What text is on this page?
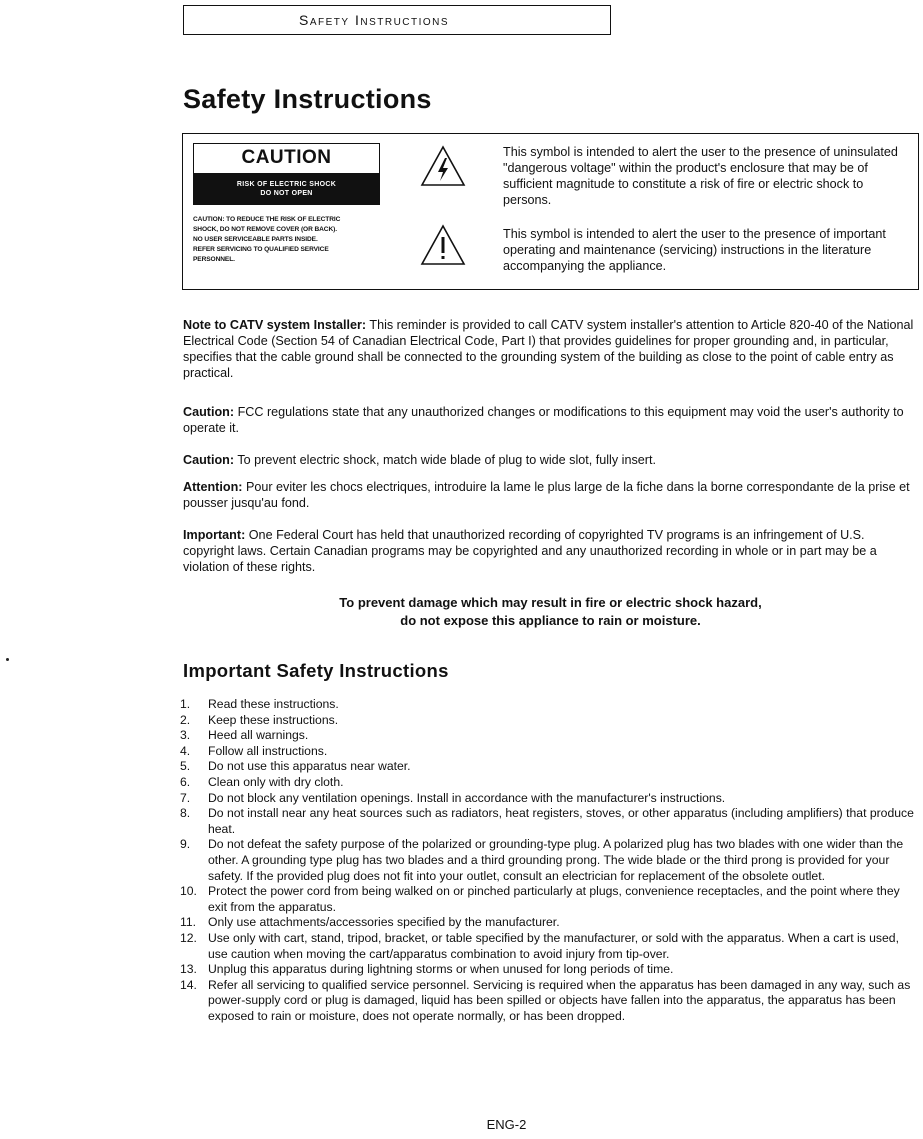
Safety Instructions
Safety Instructions
CAUTION
RISK OF ELECTRIC SHOCK
DO NOT OPEN
CAUTION: TO REDUCE THE RISK OF ELECTRIC
SHOCK, DO NOT REMOVE COVER (OR BACK).
NO USER SERVICEABLE PARTS INSIDE.
REFER SERVICING TO QUALIFIED SERVICE
PERSONNEL.
This symbol is intended to alert the user to the presence of uninsulated "dangerous voltage" within the product's enclosure that may be of sufficient magnitude to constitute a risk of fire or electric shock to persons.
This symbol is intended to alert the user to the presence of important operating and maintenance (servicing) instructions in the literature accompanying the appliance.
Note to CATV system Installer: This reminder is provided to call CATV system installer's attention to Article 820-40 of the National Electrical Code (Section 54 of Canadian Electrical Code, Part I) that provides guidelines for proper grounding and, in particular, specifies that the cable ground shall be connected to the grounding system of the building as close to the point of cable entry as practical.
Caution: FCC regulations state that any unauthorized changes or modifications to this equipment may void the user's authority to operate it.
Caution: To prevent electric shock, match wide blade of plug to wide slot, fully insert.
Attention: Pour eviter les chocs electriques, introduire la lame le plus large de la fiche dans la borne correspondante de la prise et pousser jusqu'au fond.
Important: One Federal Court has held that unauthorized recording of copyrighted TV programs is an infringement of U.S. copyright laws. Certain Canadian programs may be copyrighted and any unauthorized recording in whole or in part may be a violation of these rights.
To prevent damage which may result in fire or electric shock hazard,
do not expose this appliance to rain or moisture.
Important Safety Instructions
1. Read these instructions.
2. Keep these instructions.
3. Heed all warnings.
4. Follow all instructions.
5. Do not use this apparatus near water.
6. Clean only with dry cloth.
7. Do not block any ventilation openings. Install in accordance with the manufacturer's instructions.
8. Do not install near any heat sources such as radiators, heat registers, stoves, or other apparatus (including amplifiers) that produce heat.
9. Do not defeat the safety purpose of the polarized or grounding-type plug. A polarized plug has two blades with one wider than the other. A grounding type plug has two blades and a third grounding prong. The wide blade or the third prong is provided for your safety. If the provided plug does not fit into your outlet, consult an electrician for replacement of the obsolete outlet.
10. Protect the power cord from being walked on or pinched particularly at plugs, convenience receptacles, and the point where they exit from the apparatus.
11. Only use attachments/accessories specified by the manufacturer.
12. Use only with cart, stand, tripod, bracket, or table specified by the manufacturer, or sold with the apparatus. When a cart is used, use caution when moving the cart/apparatus combination to avoid injury from tip-over.
13. Unplug this apparatus during lightning storms or when unused for long periods of time.
14. Refer all servicing to qualified service personnel. Servicing is required when the apparatus has been damaged in any way, such as power-supply cord or plug is damaged, liquid has been spilled or objects have fallen into the apparatus, the apparatus has been exposed to rain or moisture, does not operate normally, or has been dropped.
ENG-2
